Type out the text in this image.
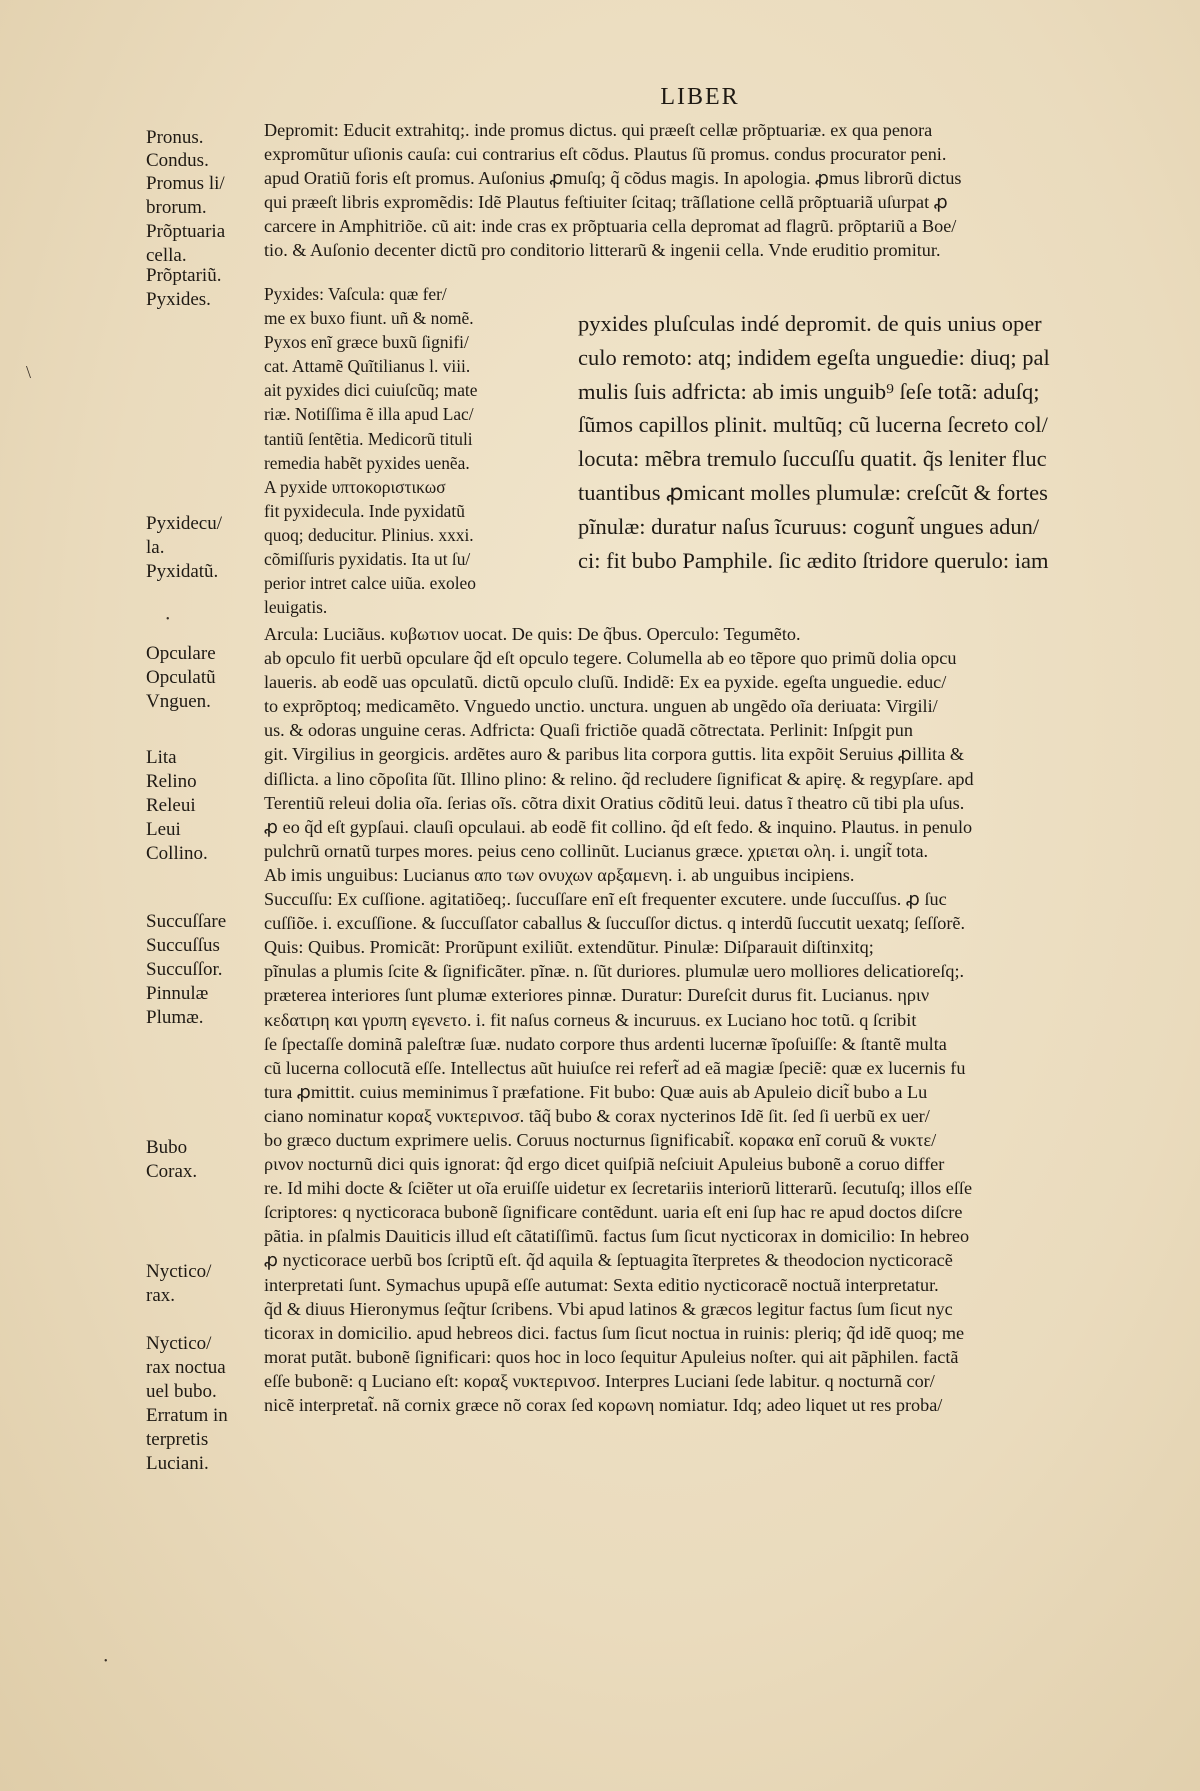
LIBER
Pronus.
Condus.
Promus li/
brorum.
Prõptuaria
cella.
Prõptariũ.
Pyxides.
Pyxidecu/
la.
Pyxidatũ.
Opculare
Opculatũ
Vnguen.
Lita
Relino
Releui
Leui
Collino.
Succuſſare
Succuſſus
Succuſſor.
Pinnulæ
Plumæ.
Bubo
Corax.
Nyctico/
rax.
Nyctico/
rax noctua
uel bubo.
Erratum in
terpretis
Luciani.
Depromit: Educit extrahitq;. inde promus dictus. qui præeſt cellæ prõptuariæ. ex qua penora
expromũtur uſionis cauſa: cui contrarius eſt cõdus. Plautus ſũ promus. condus procurator peni.
apud Oratiũ foris eſt promus. Auſonius ꝓmuſq; q̃ cõdus magis. In apologia. ꝓmus librorũ dictus
qui præeſt libris expromẽdis: Idẽ Plautus feſtiuiter ſcitaq; trãſlatione cellã prõptuariã uſurpat ꝓ
carcere in Amphitriõe. cũ ait: inde cras ex prõptuaria cella depromat ad flagrũ. prõptariũ a Boe/
tio. & Auſonio decenter dictũ pro conditorio litterarũ & ingenii cella. Vnde eruditio promitur.
Pyxides: Vaſcula: quæ fer/
me ex buxo fiunt. uñ & nomẽ.
Pyxos enĩ græce buxũ ſignifi/
cat. Attamẽ Quĩtilianus l. viii.
ait pyxides dici cuiuſcũq; mate
riæ. Notiſſima ẽ illa apud Lac/
tantiũ ſentẽtia. Medicorũ tituli
remedia habẽt pyxides uenẽa.
A pyxide υπτοκοριστικωσ
fit pyxidecula. Inde pyxidatũ
quoq; deducitur. Plinius. xxxi.
cõmiſſuris pyxidatis. Ita ut ſu/
perior intret calce uiũa. exoleo
leuigatis.
pyxides pluſculas indé depromit. de quis unius oper
culo remoto: atq; indidem egeſta unguedie: diuq; pal
mulis ſuis adfricta: ab imis unguib⁹ ſeſe totã: aduſq;
ſũmos capillos plinit. multũq; cũ lucerna ſecreto col/
locuta: mẽbra tremulo ſuccuſſu quatit. q̃s leniter fluc
tuantibus ꝓmicant molles plumulæ: creſcũt & fortes
pĩnulæ: duratur naſus ĩcuruus: cogunt̃ ungues adun/
ci: fit bubo Pamphile. ſic ædito ſtridore querulo: iam
Arcula: Luciãus. κυβωτιον uocat. De quis: De q̃bus. Operculo: Tegumẽto.
ab opculo fit uerbũ opculare q̃d eſt opculo tegere. Columella ab eo tẽpore quo primũ dolia opcu
laueris. ab eodẽ uas opculatũ. dictũ opculo cluſũ. Indidẽ: Ex ea pyxide. egeſta unguedie. educ/
to exprõptoq; medicamẽto. Vnguedo unctio. unctura. unguen ab ungẽdo oĩa deriuata: Virgili/
us. & odoras unguine ceras. Adfricta: Quaſi frictiõe quadã cõtrectata. Perlinit: Inſpgit pun
git. Virgilius in georgicis. ardẽtes auro & paribus lita corpora guttis. lita expõit Seruius ꝓillita &
diſlicta. a lino cõpoſita ſũt. Illino plino: & relino. q̃d recludere ſignificat & apirę. & regypſare. apd
Terentiũ releui dolia oĩa. ſerias oĩs. cõtra dixit Oratius cõditũ leui. datus ĩ theatro cũ tibi pla uſus.
ꝓ eo q̃d eſt gypſaui. clauſi opculaui. ab eodẽ fit collino. q̃d eſt fedo. & inquino. Plautus. in penulo
pulchrũ ornatũ turpes mores. peius ceno collinũt. Lucianus græce. χριεται ολη. i. ungit̃ tota.
Ab imis unguibus: Lucianus απο των ονυχων αρξαμενη. i. ab unguibus incipiens.
Succuſſu: Ex cuſſione. agitatiõeq;. ſuccuſſare enĩ eſt frequenter excutere. unde ſuccuſſus. ꝓ ſuc
cuſſiõe. i. excuſſione. & ſuccuſſator caballus & ſuccuſſor dictus. q interdũ ſuccutit uexatq; ſeſſorẽ.
Quis: Quibus. Promicãt: Prorũpunt exiliũt. extendũtur. Pinulæ: Diſparauit diſtinxitq;
pĩnulas a plumis ſcite & ſignificãter. pĩnæ. n. ſũt duriores. plumulæ uero molliores delicatioreſq;.
præterea interiores ſunt plumæ exteriores pinnæ. Duratur: Dureſcit durus fit. Lucianus. ηριν
κεδατιρη και γρυπη εγενετο. i. fit naſus corneus & incuruus. ex Luciano hoc totũ. q ſcribit
ſe ſpectaſſe dominã paleſtræ ſuæ. nudato corpore thus ardenti lucernæ ĩpoſuiſſe: & ſtantẽ multa
cũ lucerna collocutã eſſe. Intellectus aũt huiuſce rei refert̃ ad eã magiæ ſpeciẽ: quæ ex lucernis fu
tura ꝓmittit. cuius meminimus ĩ præfatione. Fit bubo: Quæ auis ab Apuleio dicit̃ bubo a Lu
ciano nominatur κοραξ νυκτεριvοσ. tãq̃ bubo & corax nycterinos Idẽ ſit. ſed ſi uerbũ ex uer/
bo græco ductum exprimere uelis. Coruus nocturnus ſignificabit̃. κορακα enĩ coruũ & νυκτε/
ρινον nocturnũ dici quis ignorat: q̃d ergo dicet quiſpiã neſciuit Apuleius bubonẽ a coruo differ
re. Id mihi docte & ſciẽter ut oĩa eruiſſe uidetur ex ſecretariis interiorũ litterarũ. ſecutuſq; illos eſſe
ſcriptores: q nycticoraca bubonẽ ſignificare contẽdunt. uaria eſt eni ſup hac re apud doctos diſcre
pãtia. in pſalmis Dauiticis illud eſt cãtatiſſimũ. factus ſum ſicut nycticorax in domicilio: In hebreo
ꝓ nycticorace uerbũ bos ſcriptũ eſt. q̃d aquila & ſeptuagita ĩterpretes & theodocion nycticoracẽ
interpretati ſunt. Symachus upupã eſſe autumat: Sexta editio nycticoracẽ noctuã interpretatur.
q̃d & diuus Hieronymus ſeq̃tur ſcribens. Vbi apud latinos & græcos legitur factus ſum ſicut nyc
ticorax in domicilio. apud hebreos dici. factus ſum ſicut noctua in ruinis: pleriq; q̃d idẽ quoq; me
morat putãt. bubonẽ ſignificari: quos hoc in loco ſequitur Apuleius noſter. qui ait pãphilen. factã
eſſe bubonẽ: q Luciano eſt: κοραξ νυκτεριvοσ. Interpres Luciani ſede labitur. q nocturnã cor/
nicẽ interpretat̃. nã cornix græce nõ corax ſed κορωνη nomiatur. Idq; adeo liquet ut res proba/
\
•
•
